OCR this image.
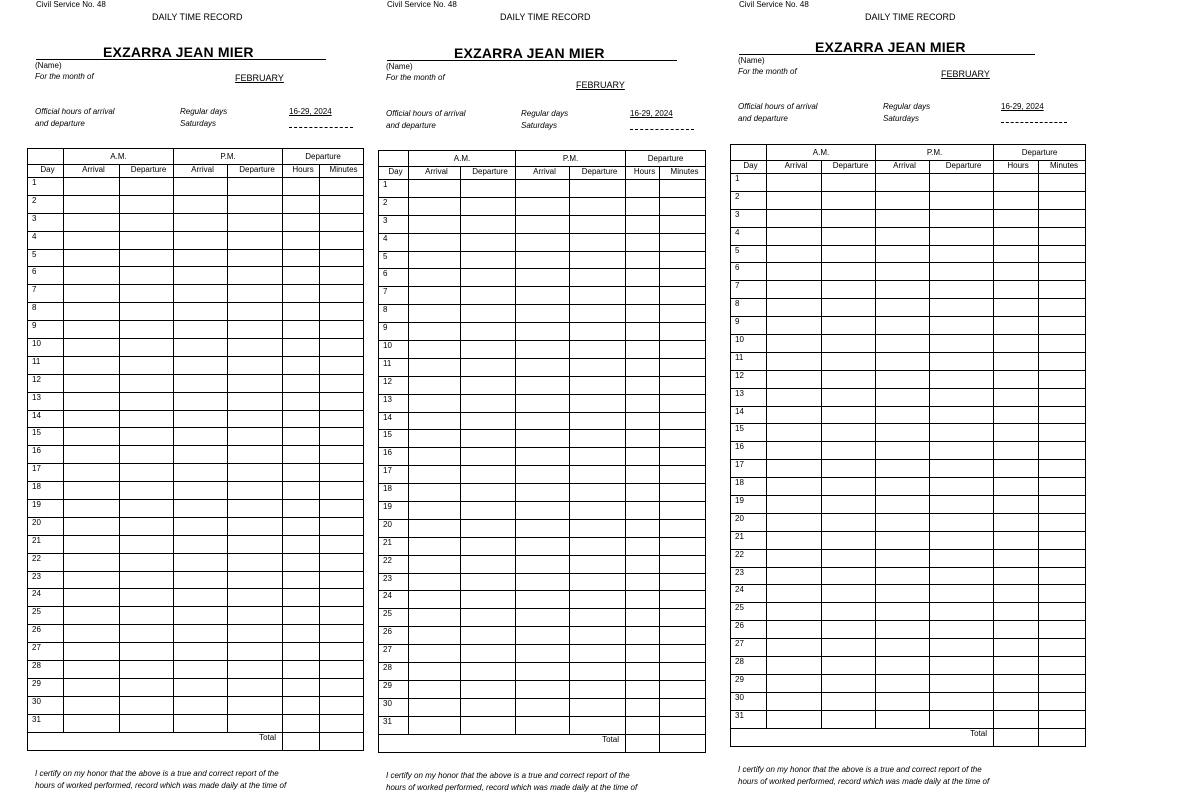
Civil Service No. 48
DAILY TIME RECORD
EXZARRA JEAN MIER
(Name)
For the month of	FEBRUARY
Official hours of arrival
and departure
Regular days
Saturdays
16-29, 2024
	A.M.		P.M.		Departure	
Day	Arrival	Departure	Arrival	Departure	Hours	Minutes
1						
2						
3						
4						
5						
6						
7						
8						
9						
10						
11						
12						
13						
14						
15						
16						
17						
18						
19						
20						
21						
22						
23						
24						
25						
26						
27						
28						
29						
30						
31						
Total						
I certify on my honor that the above is a true and correct report of the
hours of worked performed, record which was made daily at the time of
Civil Service No. 48
DAILY TIME RECORD
EXZARRA JEAN MIER
(Name)
For the month of
FEBRUARY
Official hours of arrival
and departure
Regular days
Saturdays
16-29, 2024
	A.M.		P.M.		Departure	
Day	Arrival	Departure	Arrival	Departure	Hours	Minutes
1						
2						
3						
4						
5						
6						
7						
8						
9						
10						
11						
12						
13						
14						
15						
16						
17						
18						
19						
20						
21						
22						
23						
24						
25						
26						
27						
28						
29						
30						
31						
Total						
I certify on my honor that the above is a true and correct report of the
hours of worked performed, record which was made daily at the time of
Civil Service No. 48
DAILY TIME RECORD
EXZARRA JEAN MIER
(Name)
For the month of	FEBRUARY
Official hours of arrival
and departure
Regular days
Saturdays
16-29, 2024
	A.M.		P.M.		Departure	
Day	Arrival	Departure	Arrival	Departure	Hours	Minutes
1						
2						
3						
4						
5						
6						
7						
8						
9						
10						
11						
12						
13						
14						
15						
16						
17						
18						
19						
20						
21						
22						
23						
24						
25						
26						
27						
28						
29						
30						
31						
Total						
I certify on my honor that the above is a true and correct report of the
hours of worked performed, record which was made daily at the time of
